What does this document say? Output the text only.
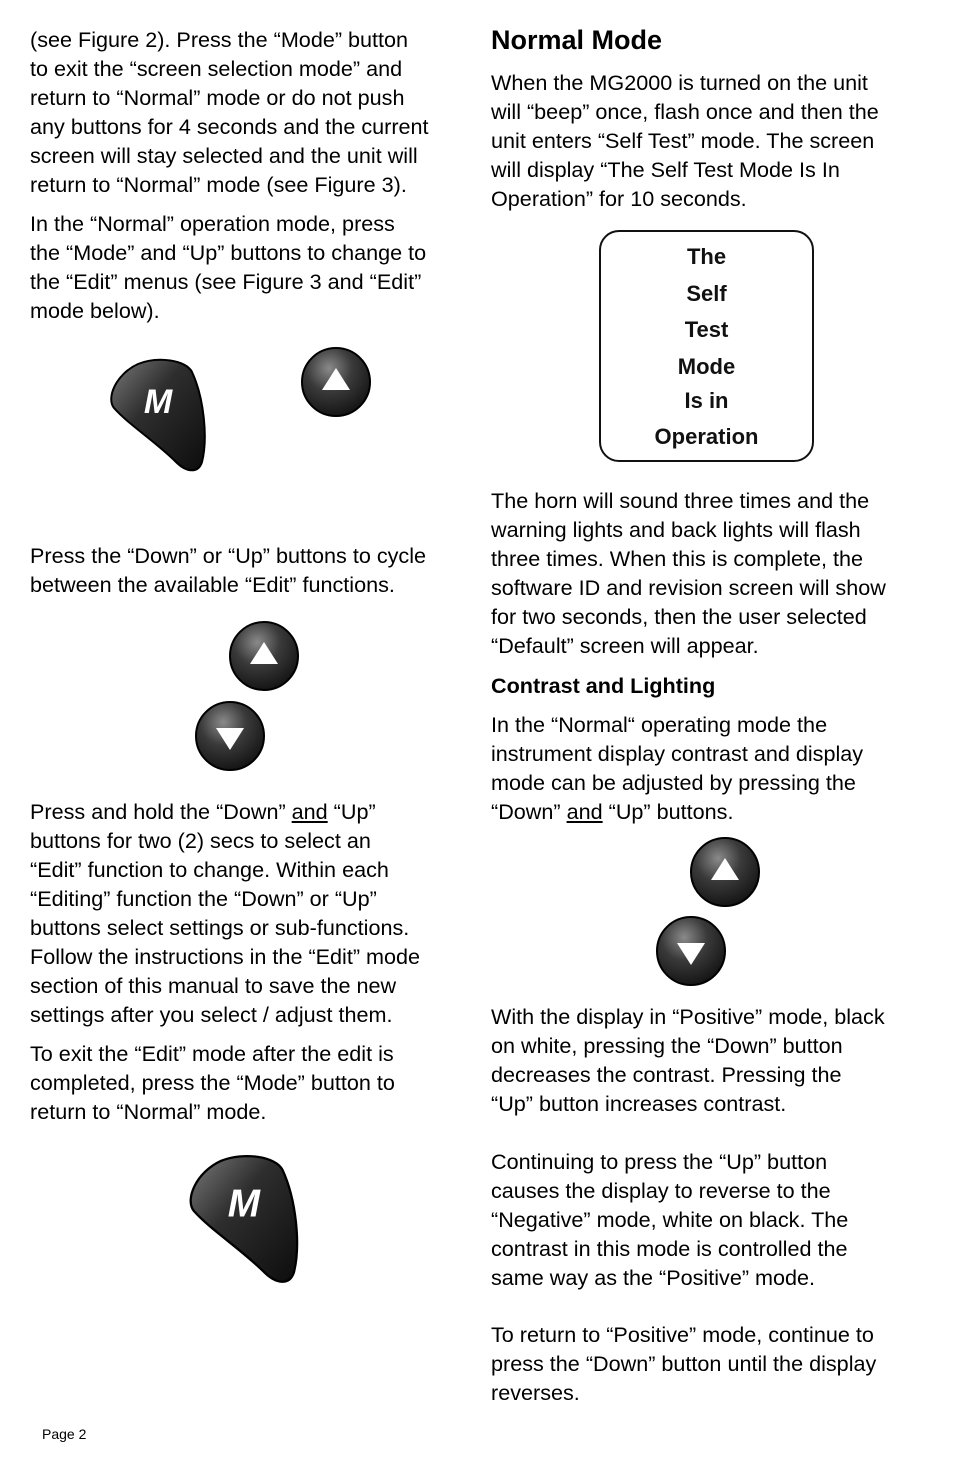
(see Figure 2). Press the “Mode” button
to exit the “screen selection mode” and
return to “Normal” mode or do not push
any buttons for 4 seconds and the current
screen will stay selected and the unit will
return to “Normal” mode (see Figure 3).
In the “Normal” operation mode, press
the “Mode” and “Up” buttons to change to
the “Edit” menus (see Figure 3 and “Edit”
mode below).
M
Press the “Down” or “Up” buttons to cycle
between the available “Edit” functions.
Press and hold the “Down” and “Up”
buttons for two (2) secs to select an
“Edit” function to change. Within each
“Editing” function the “Down” or “Up”
buttons select settings or sub-functions.
Follow the instructions in the “Edit” mode
section of this manual to save the new
settings after you select / adjust them.
To exit the “Edit” mode after the edit is
completed, press the “Mode” button to
return to “Normal” mode.
M
Normal Mode
When the MG2000 is turned on the unit
will “beep” once, flash once and then the
unit enters “Self Test” mode. The screen
will display “The Self Test Mode Is In
Operation” for 10 seconds.
The
Self
Test
Mode
Is in
Operation
The horn will sound three times and the
warning lights and back lights will flash
three times. When this is complete, the
software ID and revision screen will show
for two seconds, then the user selected
“Default” screen will appear.
Contrast and Lighting
In the “Normal“ operating mode the
instrument display contrast and display
mode can be adjusted by pressing the
“Down” and “Up” buttons.
With the display in “Positive” mode, black
on white, pressing the “Down” button
decreases the contrast. Pressing the
“Up” button increases contrast.
Continuing to press the “Up” button
causes the display to reverse to the
“Negative” mode, white on black. The
contrast in this mode is controlled the
same way as the “Positive” mode.
To return to “Positive” mode, continue to
press the “Down” button until the display
reverses.
Page 2
